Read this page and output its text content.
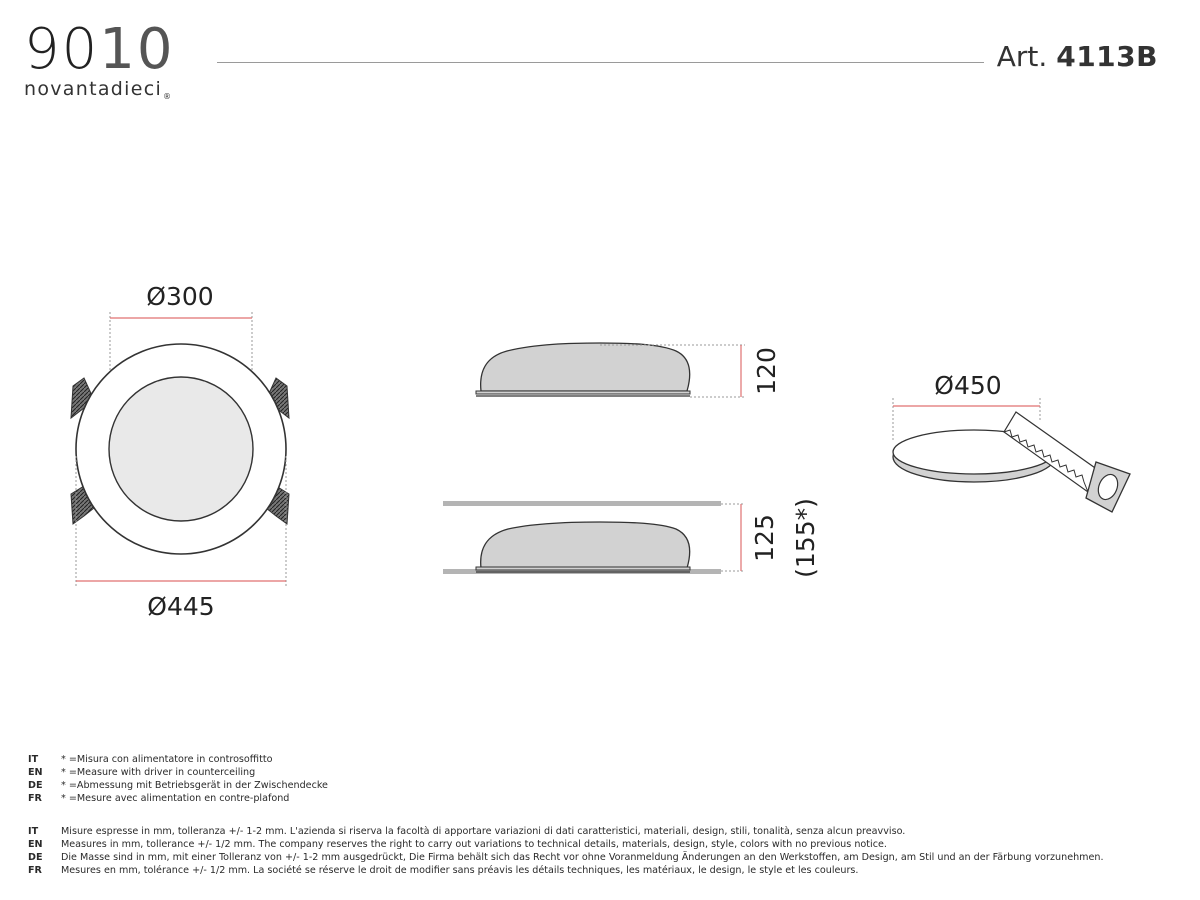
9010
novantadieci®
Art. 4113B
Ø300
Ø445
120
125 (155*)
Ø450
IT * =Misura con alimentatore in controsoffitto
EN * =Measure with driver in counterceiling
DE * =Abmessung mit Betriebsgerät in der Zwischendecke
FR * =Mesure avec alimentation en contre-plafond
IT Misure espresse in mm, tolleranza +/- 1-2 mm. L'azienda si riserva la facoltà di apportare variazioni di dati caratteristici, materiali, design, stili, tonalità, senza alcun preavviso.
EN Measures in mm, tollerance +/- 1/2 mm. The company reserves the right to carry out variations to technical details, materials, design, style, colors with no previous notice.
DE Die Masse sind in mm, mit einer Tolleranz von +/- 1-2 mm ausgedrückt, Die Firma behält sich das Recht vor ohne Voranmeldung Änderungen an den Werkstoffen, am Design, am Stil und an der Färbung vorzunehmen.
FR Mesures en mm, tolérance +/- 1/2 mm. La société se réserve le droit de modifier sans préavis les détails techniques, les matériaux, le design, le style et les couleurs.
